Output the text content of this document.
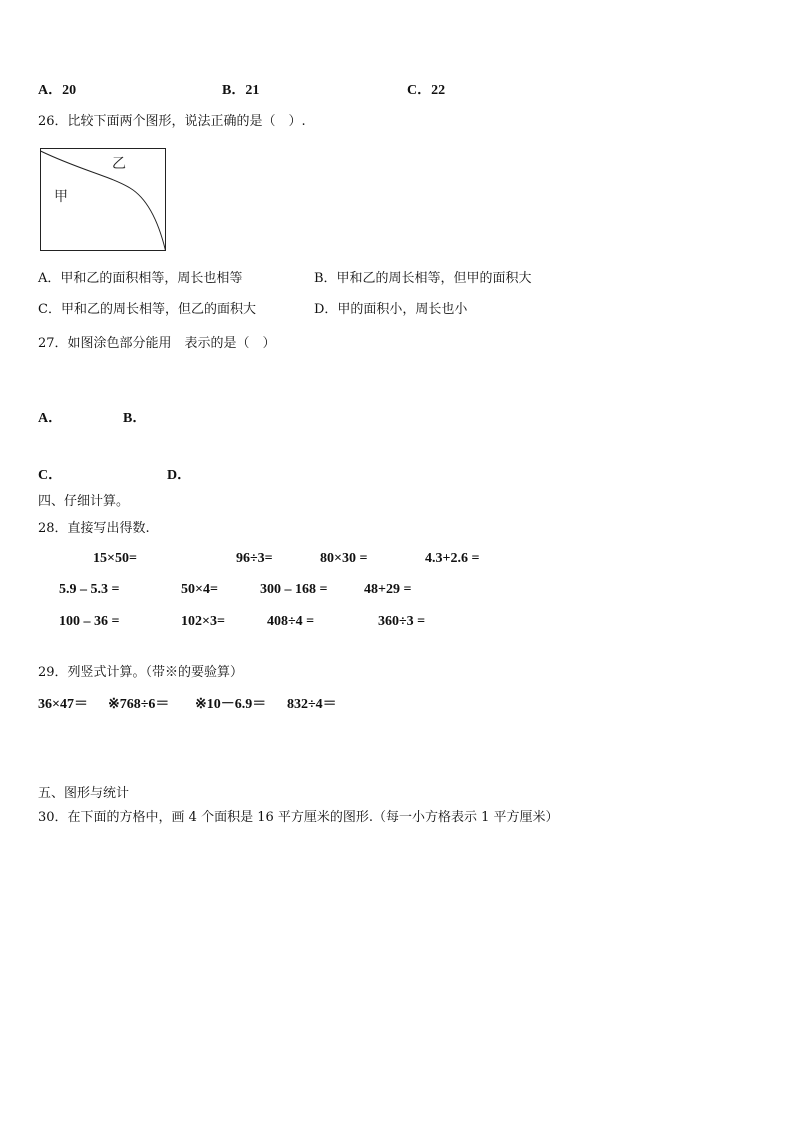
A．20	B．21	C．22
26．比较下面两个图形，说法正确的是（　）.
乙
甲
A．甲和乙的面积相等，周长也相等	B．甲和乙的周长相等，但甲的面积大
C．甲和乙的周长相等，但乙的面积大	D．甲的面积小，周长也小
27．如图涂色部分能用　表示的是（　）
A．	B．
C．	D．
四、仔细计算。
28．直接写出得数.
15×50=	96÷3=	80×30 =	4.3+2.6 =
5.9 – 5.3 =	50×4=	300 – 168 =	48+29 =
100 – 36 =	102×3=	408÷4 =	360÷3 =
29．列竖式计算。（带※的要验算）
36×47＝ ※768÷6＝ ※10－6.9＝ 832÷4＝
五、图形与统计
30．在下面的方格中，画 4 个面积是 16 平方厘米的图形.（每一小方格表示 1 平方厘米）
